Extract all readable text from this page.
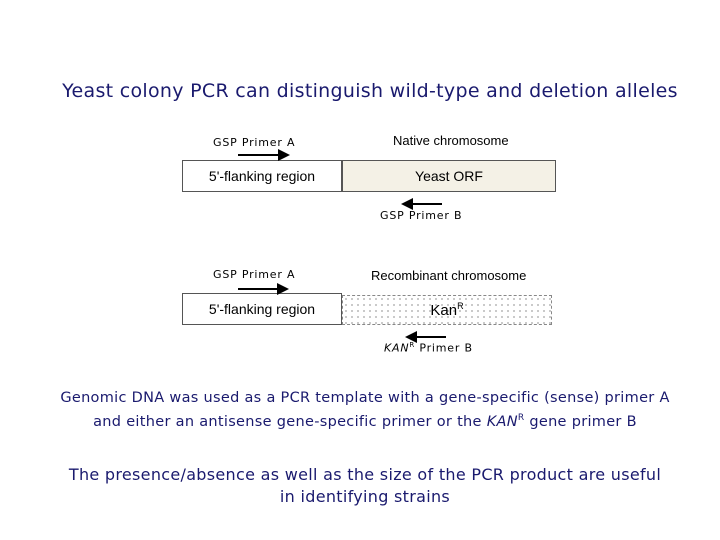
Yeast colony PCR can distinguish wild-type and deletion alleles
GSP Primer A	Native chromosome
5'-flanking region	Yeast ORF
GSP Primer B
GSP Primer A	Recombinant chromosome
5'-flanking region	Kan$^R$
$KAN^R$ Primer B
Genomic DNA was used as a PCR template with a gene-specific (sense) primer A
and either an antisense gene-specific primer or the $KAN^R$ gene primer B
The presence/absence as well as the size of the PCR product are useful
in identifying strains
